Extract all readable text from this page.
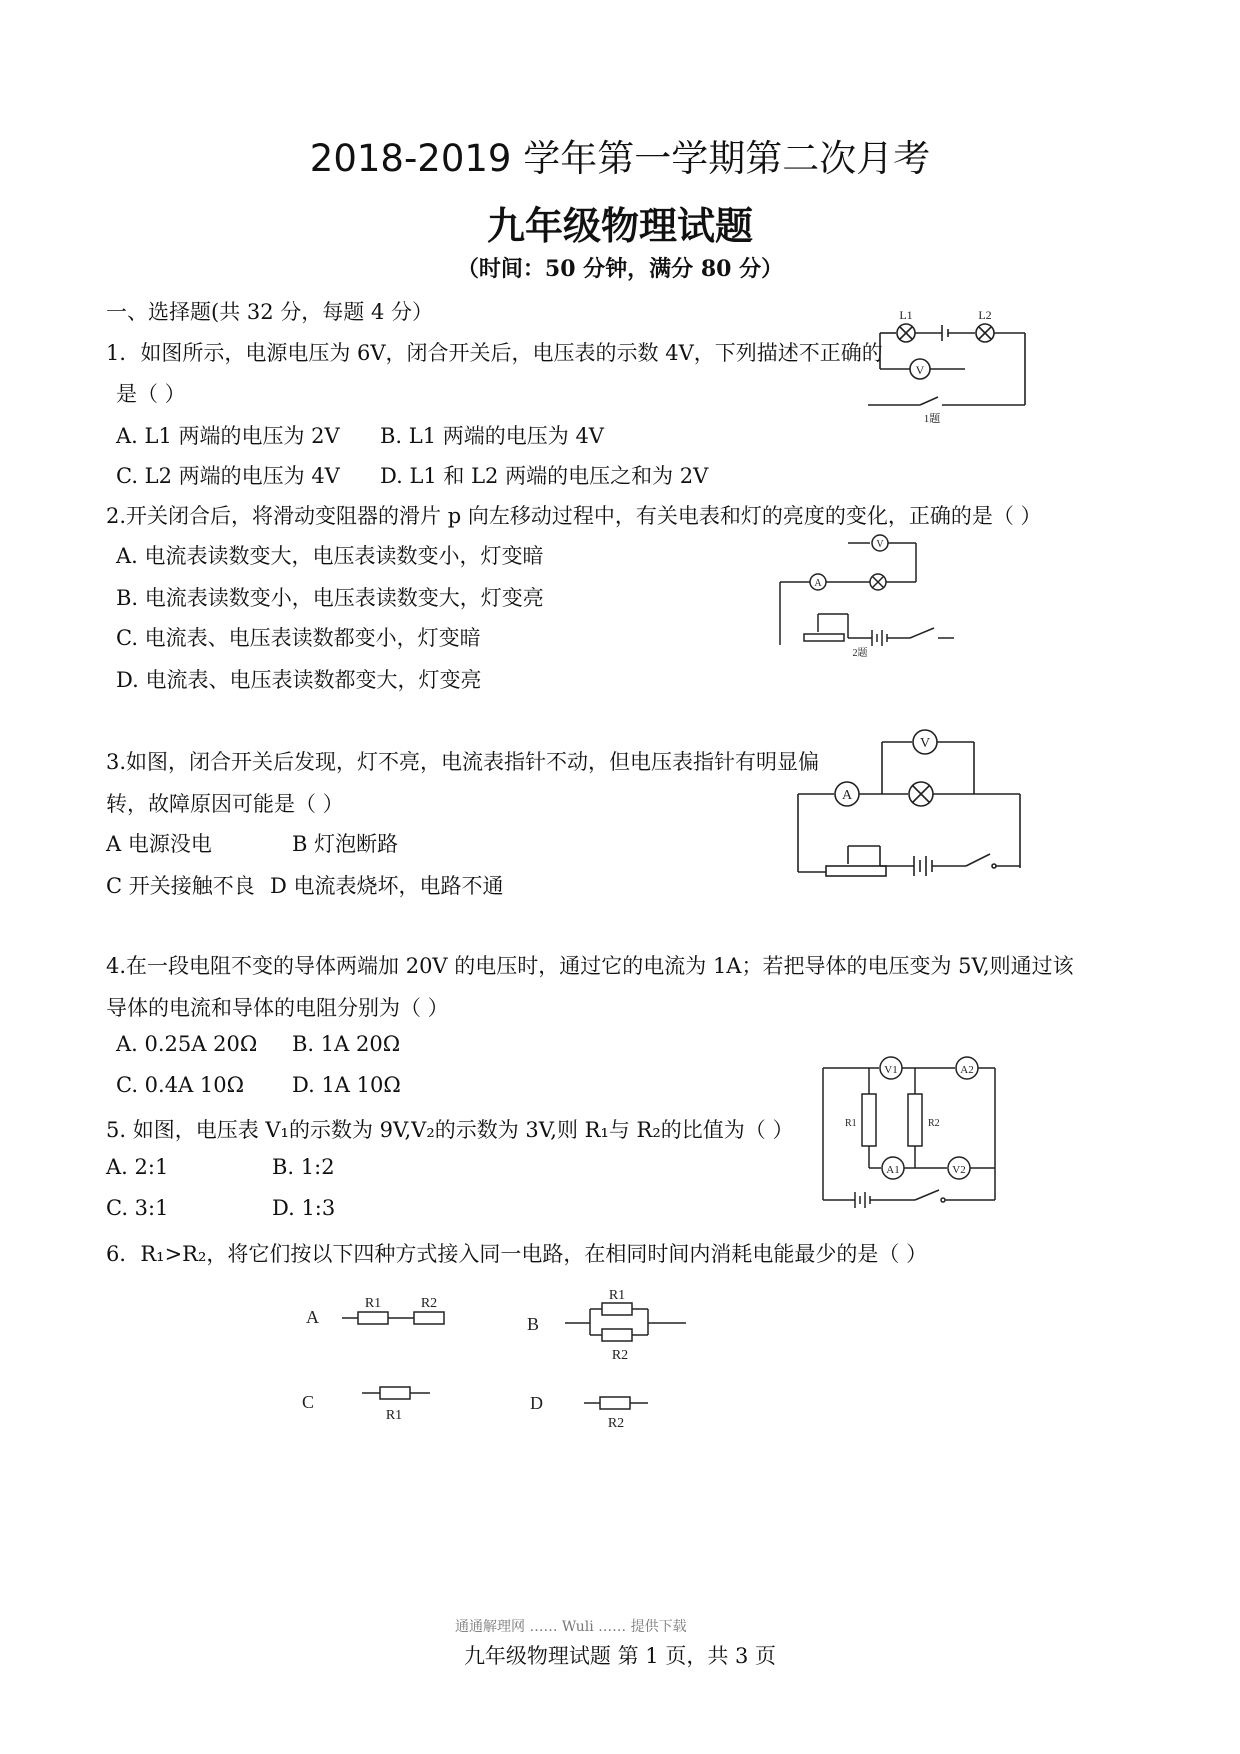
2018-2019 学年第一学期第二次月考
九年级物理试题
（时间：50 分钟，满分 80 分）
一、选择题(共 32 分，每题 4 分）
1．如图所示，电源电压为 6V，闭合开关后，电压表的示数 4V，下列描述不正确的
是（ ）
A. L1 两端的电压为 2V B. L1 两端的电压为 4V
C. L2 两端的电压为 4V D. L1 和 L2 两端的电压之和为 2V
V
L1	L2
1题
2.开关闭合后，将滑动变阻器的滑片 p 向左移动过程中，有关电表和灯的亮度的变化，正确的是（ ）
A. 电流表读数变大，电压表读数变小，灯变暗
B. 电流表读数变小，电压表读数变大，灯变亮
C. 电流表、电压表读数都变小，灯变暗
D. 电流表、电压表读数都变大，灯变亮
V
A
2题
3.如图，闭合开关后发现，灯不亮，电流表指针不动，但电压表指针有明显偏
转，故障原因可能是（ ）
A 电源没电	B 灯泡断路
C 开关接触不良 D 电流表烧坏，电路不通
V
A
4.在一段电阻不变的导体两端加 20V 的电压时，通过它的电流为 1A；若把导体的电压变为 5V,则通过该
导体的电流和导体的电阻分别为（ ）
A. 0.25A 20Ω B. 1A 20Ω
C. 0.4A 10Ω D. 1A 10Ω
5. 如图，电压表 V₁的示数为 9V,V₂的示数为 3V,则 R₁与 R₂的比值为（ ）
A. 2:1	B. 1:2
C. 3:1	D. 1:3
V1	A2
A1	V2
R1	R2
6．R₁>R₂，将它们按以下四种方式接入同一电路，在相同时间内消耗电能最少的是（ ）
A
R1	R2
B
R1
R2
C
R1
D
R2
通通解理网 …… Wuli …… 提供下载
九年级物理试题 第 1 页，共 3 页
